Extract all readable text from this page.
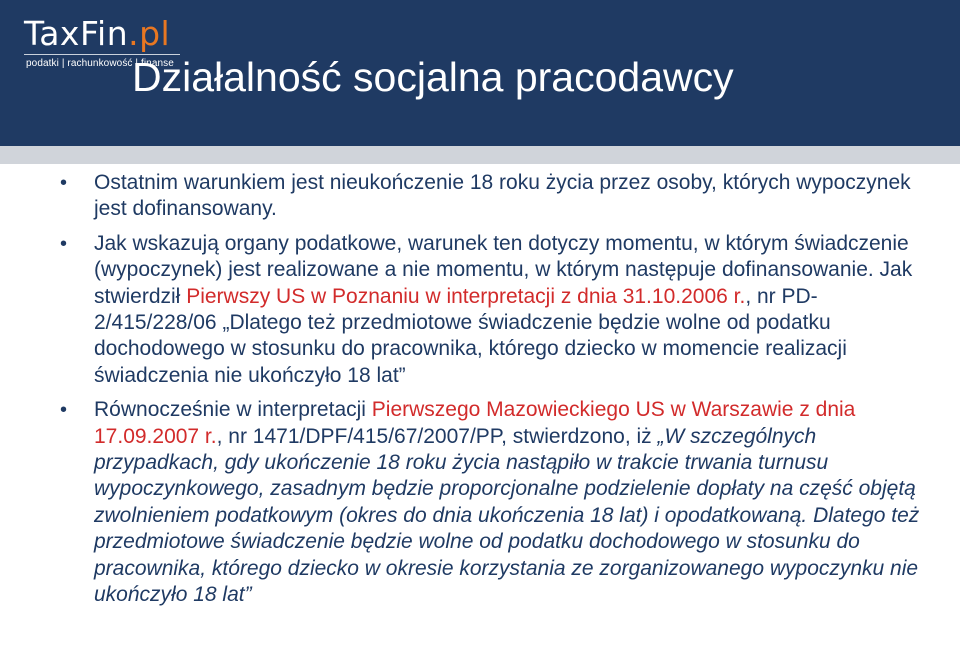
TaxFin.pl
podatki | rachunkowość | finanse
Działalność socjalna pracodawcy
• Ostatnim warunkiem jest nieukończenie 18 roku życia przez osoby, których wypoczynek jest dofinansowany.
• Jak wskazują organy podatkowe, warunek ten dotyczy momentu, w którym świadczenie (wypoczynek) jest realizowane a nie momentu, w którym następuje dofinansowanie. Jak stwierdził Pierwszy US w Poznaniu w interpretacji z dnia 31.10.2006 r., nr PD-2/415/228/06 „Dlatego też przedmiotowe świadczenie będzie wolne od podatku dochodowego w stosunku do pracownika, którego dziecko w momencie realizacji świadczenia nie ukończyło 18 lat”
• Równocześnie w interpretacji Pierwszego Mazowieckiego US w Warszawie z dnia 17.09.2007 r., nr 1471/DPF/415/67/2007/PP, stwierdzono, iż „W szczególnych przypadkach, gdy ukończenie 18 roku życia nastąpiło w trakcie trwania turnusu wypoczynkowego, zasadnym będzie proporcjonalne podzielenie dopłaty na część objętą zwolnieniem podatkowym (okres do dnia ukończenia 18 lat) i opodatkowaną. Dlatego też przedmiotowe świadczenie będzie wolne od podatku dochodowego w stosunku do pracownika, którego dziecko w okresie korzystania ze zorganizowanego wypoczynku nie ukończyło 18 lat”
